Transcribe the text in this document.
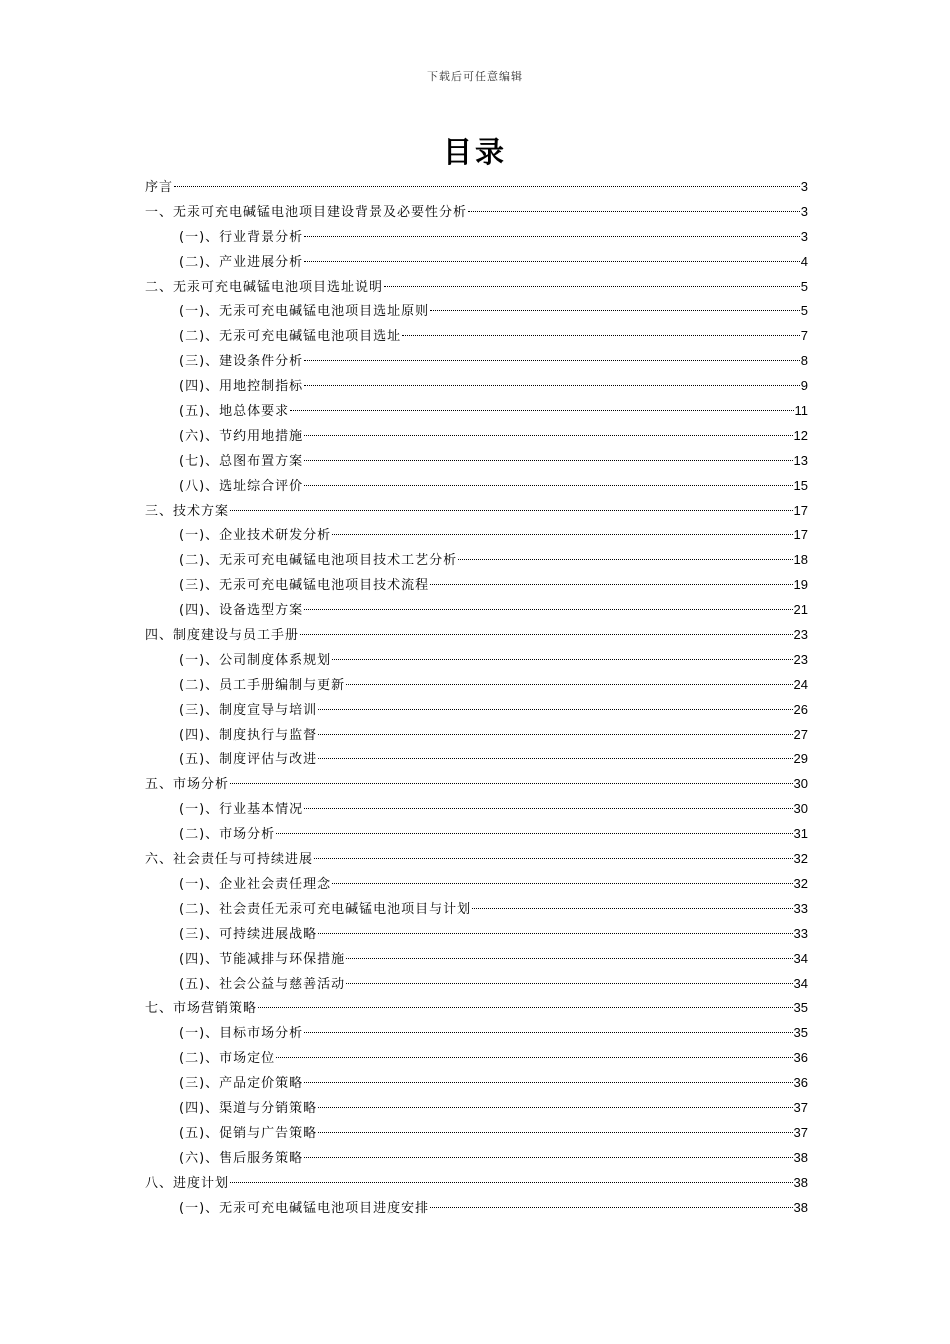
下载后可任意编辑
目录
序言	3
一、无汞可充电碱锰电池项目建设背景及必要性分析	3
(一)、行业背景分析	3
(二)、产业进展分析	4
二、无汞可充电碱锰电池项目选址说明	5
(一)、无汞可充电碱锰电池项目选址原则	5
(二)、无汞可充电碱锰电池项目选址	7
(三)、建设条件分析	8
(四)、用地控制指标	9
(五)、地总体要求	11
(六)、节约用地措施	12
(七)、总图布置方案	13
(八)、选址综合评价	15
三、技术方案	17
(一)、企业技术研发分析	17
(二)、无汞可充电碱锰电池项目技术工艺分析	18
(三)、无汞可充电碱锰电池项目技术流程	19
(四)、设备选型方案	21
四、制度建设与员工手册	23
(一)、公司制度体系规划	23
(二)、员工手册编制与更新	24
(三)、制度宣导与培训	26
(四)、制度执行与监督	27
(五)、制度评估与改进	29
五、市场分析	30
(一)、行业基本情况	30
(二)、市场分析	31
六、社会责任与可持续进展	32
(一)、企业社会责任理念	32
(二)、社会责任无汞可充电碱锰电池项目与计划	33
(三)、可持续进展战略	33
(四)、节能减排与环保措施	34
(五)、社会公益与慈善活动	34
七、市场营销策略	35
(一)、目标市场分析	35
(二)、市场定位	36
(三)、产品定价策略	36
(四)、渠道与分销策略	37
(五)、促销与广告策略	37
(六)、售后服务策略	38
八、进度计划	38
(一)、无汞可充电碱锰电池项目进度安排	38
